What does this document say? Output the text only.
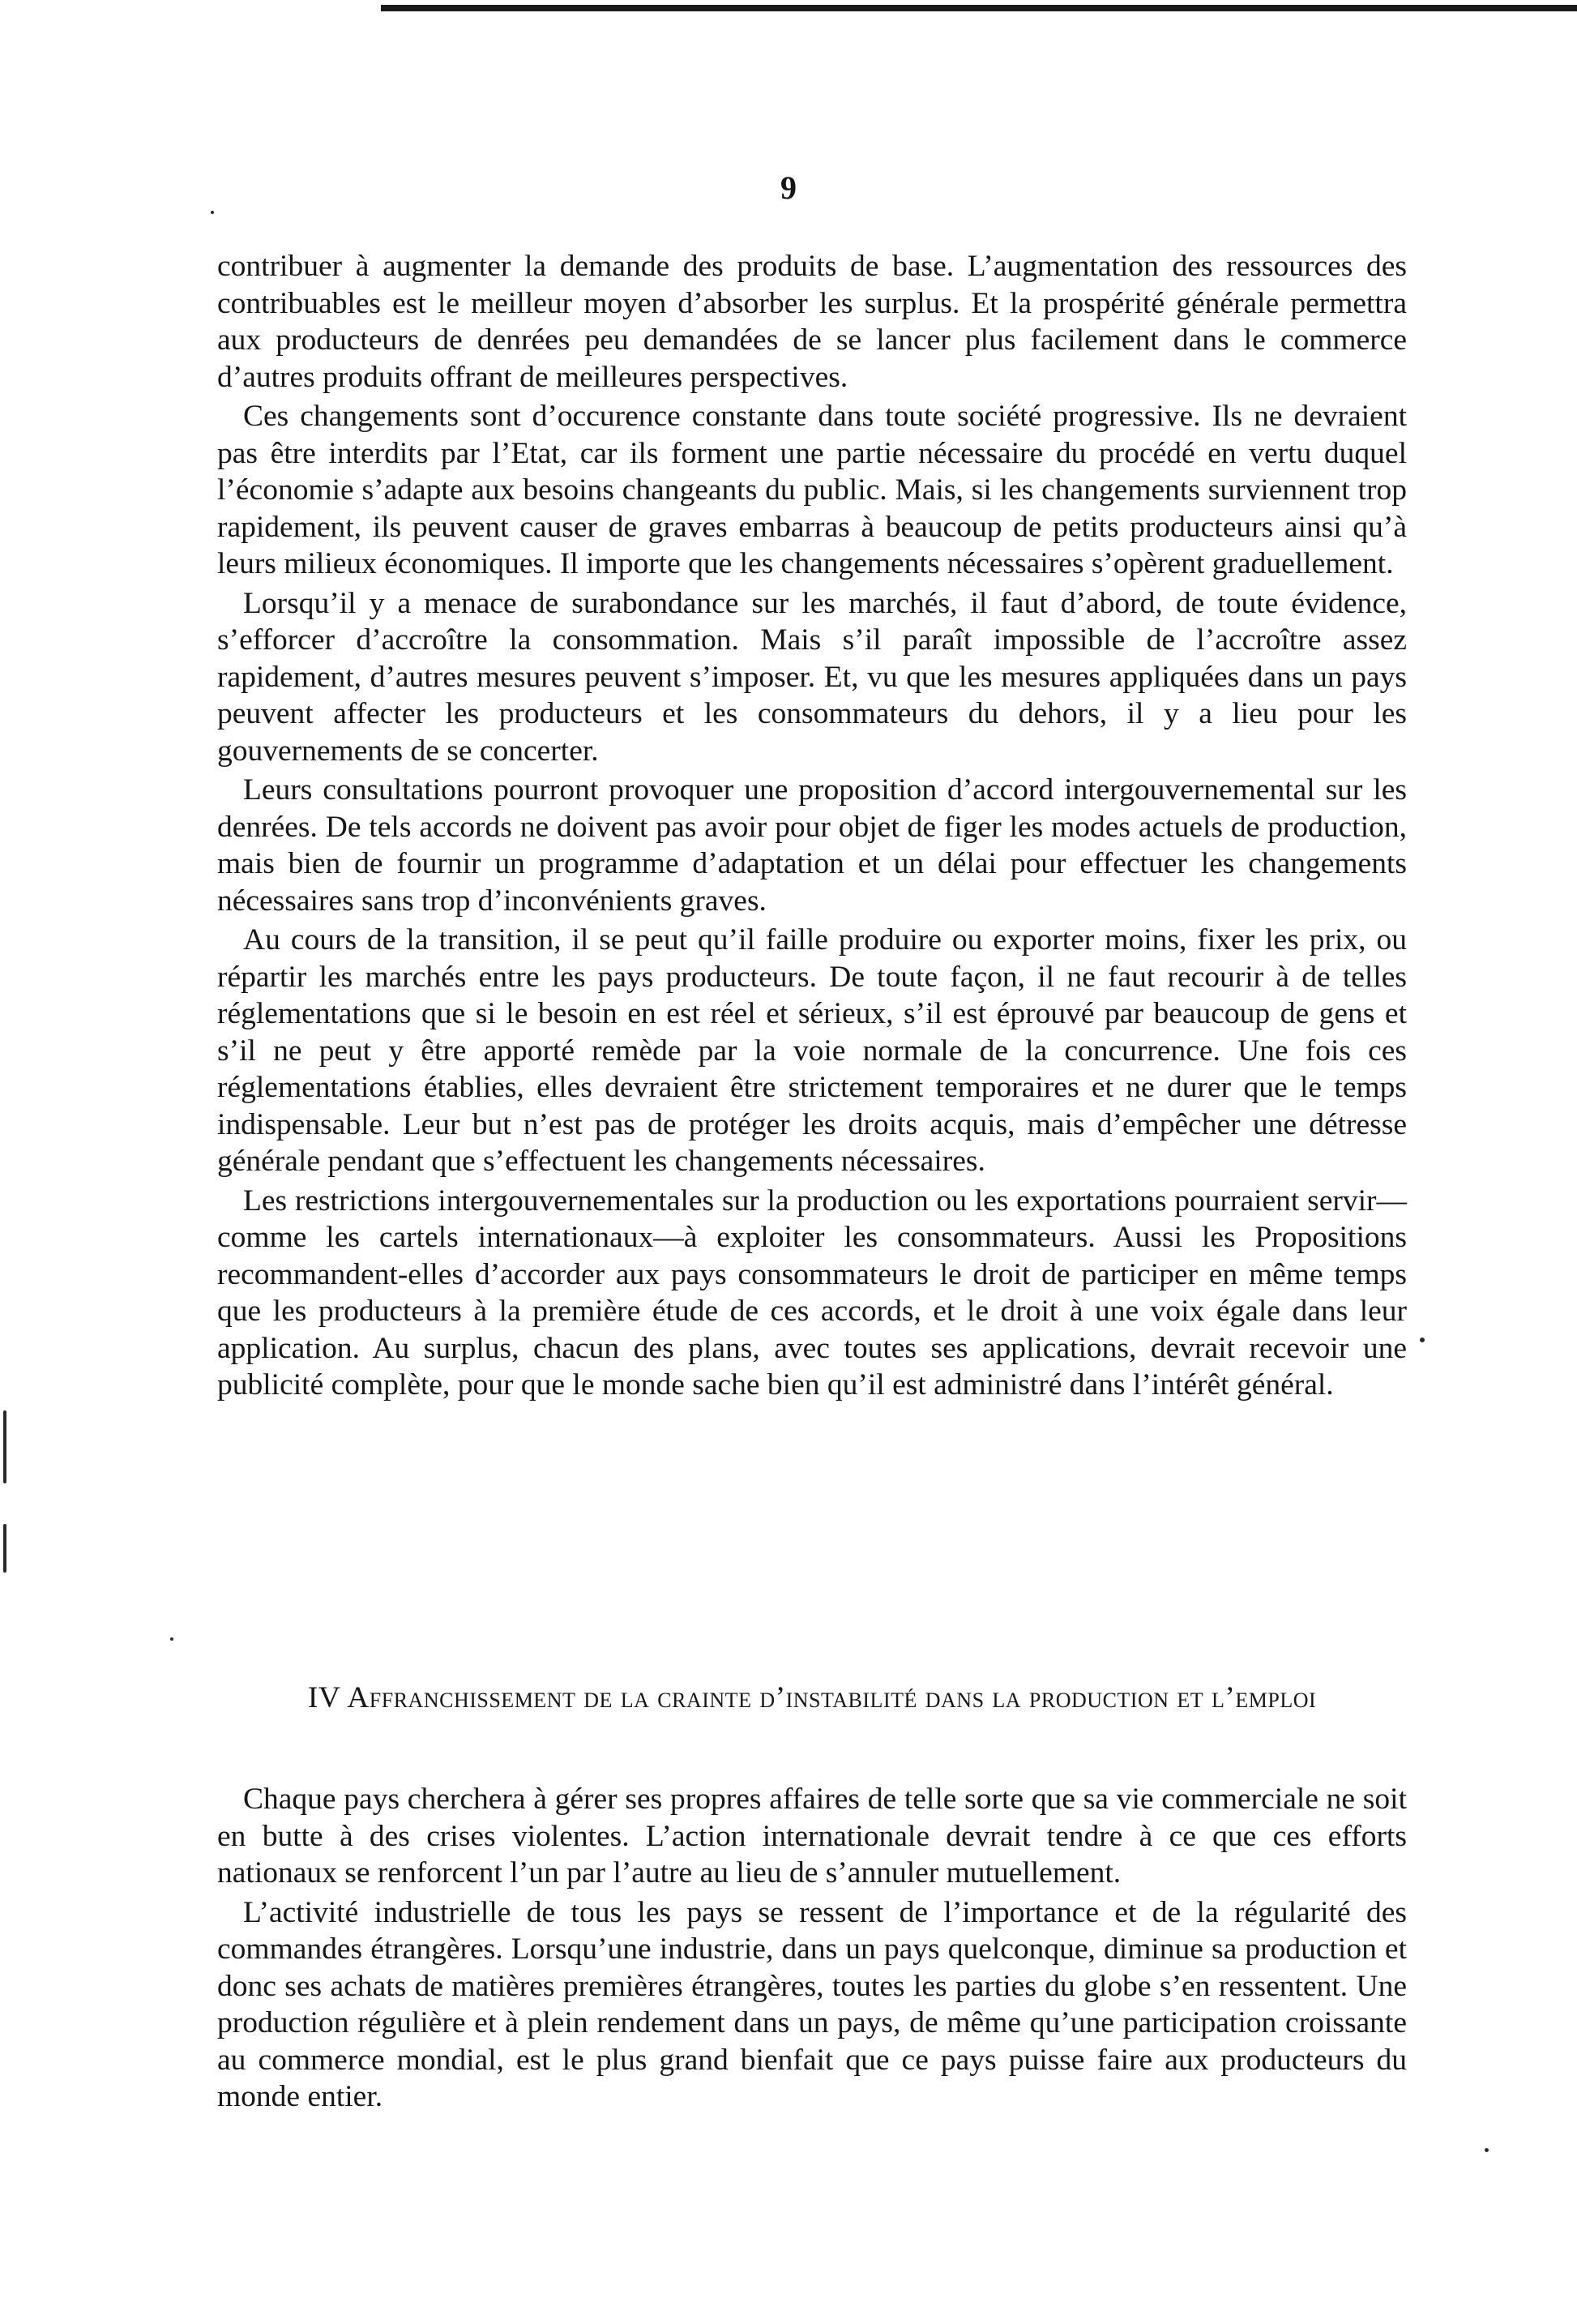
9

contribuer à augmenter la demande des produits de base. L’augmentation des ressources des contribuables est le meilleur moyen d’absorber les surplus. Et la prospérité générale permettra aux producteurs de denrées peu demandées de se lancer plus facilement dans le commerce d’autres produits offrant de meilleures perspectives.

Ces changements sont d’occurence constante dans toute société progressive. Ils ne devraient pas être interdits par l’Etat, car ils forment une partie nécessaire du procédé en vertu duquel l’économie s’adapte aux besoins changeants du public. Mais, si les changements surviennent trop rapidement, ils peuvent causer de graves embarras à beaucoup de petits producteurs ainsi qu’à leurs milieux économiques. Il importe que les changements nécessaires s’opèrent graduellement.

Lorsqu’il y a menace de surabondance sur les marchés, il faut d’abord, de toute évidence, s’efforcer d’accroître la consommation. Mais s’il paraît impossible de l’accroître assez rapidement, d’autres mesures peuvent s’imposer. Et, vu que les mesures appliquées dans un pays peuvent affecter les producteurs et les consommateurs du dehors, il y a lieu pour les gouvernements de se concerter.

Leurs consultations pourront provoquer une proposition d’accord intergouvernemental sur les denrées. De tels accords ne doivent pas avoir pour objet de figer les modes actuels de production, mais bien de fournir un programme d’adaptation et un délai pour effectuer les changements nécessaires sans trop d’inconvénients graves.

Au cours de la transition, il se peut qu’il faille produire ou exporter moins, fixer les prix, ou répartir les marchés entre les pays producteurs. De toute façon, il ne faut recourir à de telles réglementations que si le besoin en est réel et sérieux, s’il est éprouvé par beaucoup de gens et s’il ne peut y être apporté remède par la voie normale de la concurrence. Une fois ces réglementations établies, elles devraient être strictement temporaires et ne durer que le temps indispensable. Leur but n’est pas de protéger les droits acquis, mais d’empêcher une détresse générale pendant que s’effectuent les changements nécessaires.

Les restrictions intergouvernementales sur la production ou les exportations pourraient servir—comme les cartels internationaux—à exploiter les consommateurs. Aussi les Propositions recommandent-elles d’accorder aux pays consommateurs le droit de participer en même temps que les producteurs à la première étude de ces accords, et le droit à une voix égale dans leur application. Au surplus, chacun des plans, avec toutes ses applications, devrait recevoir une publicité complète, pour que le monde sache bien qu’il est administré dans l’intérêt général.

IV Affranchissement de la crainte d’instabilité dans la production et l’emploi

Chaque pays cherchera à gérer ses propres affaires de telle sorte que sa vie commerciale ne soit en butte à des crises violentes. L’action internationale devrait tendre à ce que ces efforts nationaux se renforcent l’un par l’autre au lieu de s’annuler mutuellement.

L’activité industrielle de tous les pays se ressent de l’importance et de la régularité des commandes étrangères. Lorsqu’une industrie, dans un pays quelconque, diminue sa production et donc ses achats de matières premières étrangères, toutes les parties du globe s’en ressentent. Une production régulière et à plein rendement dans un pays, de même qu’une participation croissante au commerce mondial, est le plus grand bienfait que ce pays puisse faire aux producteurs du monde entier.
